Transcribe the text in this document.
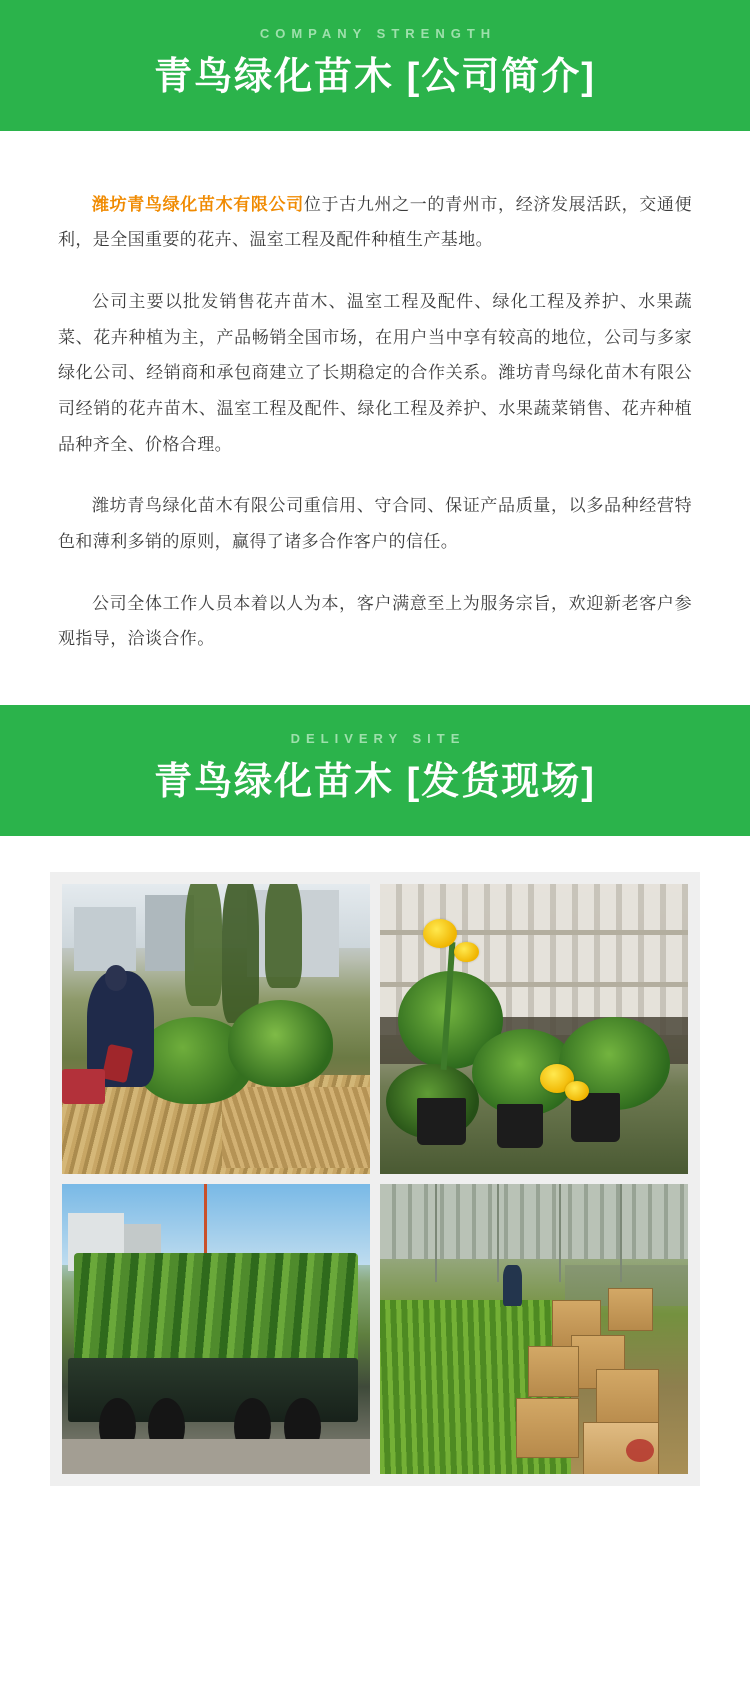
COMPANY STRENGTH
青鸟绿化苗木 [公司简介]

潍坊青鸟绿化苗木有限公司位于古九州之一的青州市，经济发展活跃，交通便利，是全国重要的花卉、温室工程及配件种植生产基地。

公司主要以批发销售花卉苗木、温室工程及配件、绿化工程及养护、水果蔬菜、花卉种植为主，产品畅销全国市场，在用户当中享有较高的地位，公司与多家绿化公司、经销商和承包商建立了长期稳定的合作关系。潍坊青鸟绿化苗木有限公司经销的花卉苗木、温室工程及配件、绿化工程及养护、水果蔬菜销售、花卉种植品种齐全、价格合理。

潍坊青鸟绿化苗木有限公司重信用、守合同、保证产品质量，以多品种经营特色和薄利多销的原则，赢得了诸多合作客户的信任。

公司全体工作人员本着以人为本，客户满意至上为服务宗旨，欢迎新老客户参观指导，洽谈合作。

DELIVERY SITE
青鸟绿化苗木 [发货现场]
